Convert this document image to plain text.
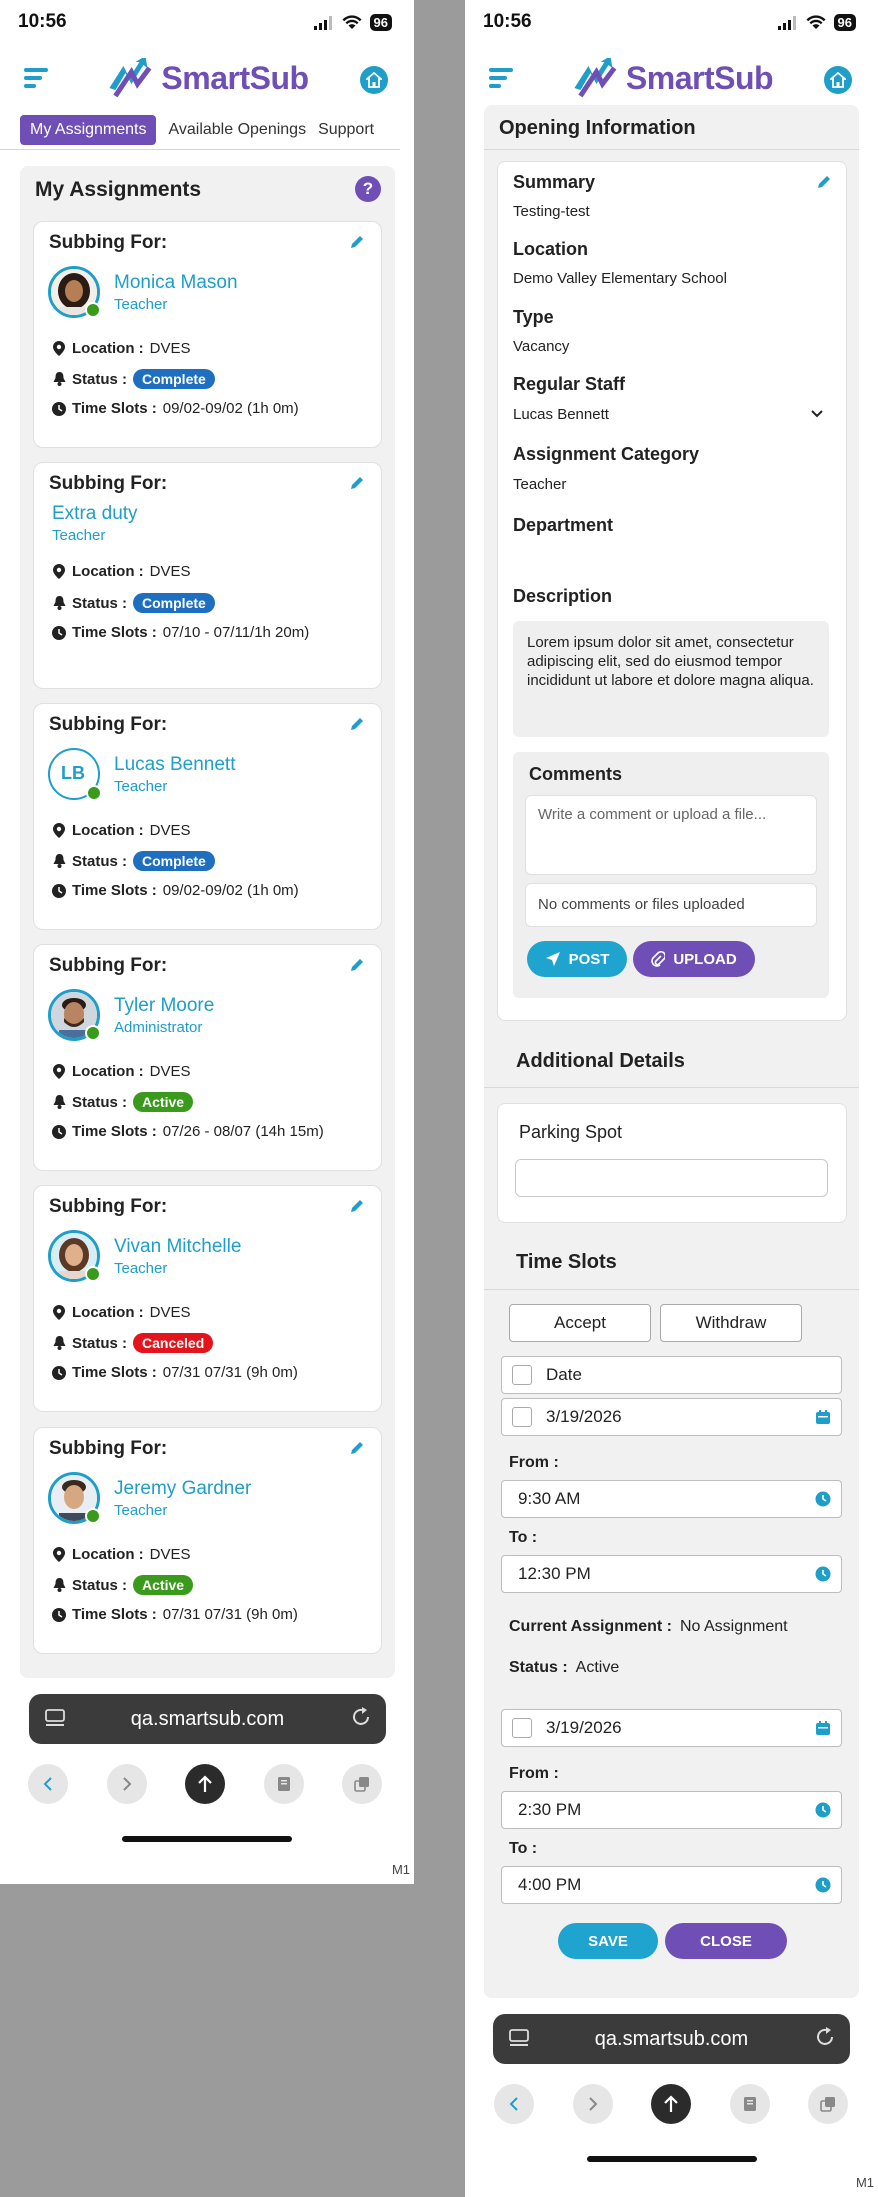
10:56	96
SmartSub
My Assignments	Available Openings Support
My Assignments	?
Subbing For:
Monica Mason
Teacher
Location : DVES
Status :	Complete
Time Slots : 09/02-09/02 (1h 0m)
Subbing For:
Extra duty
Teacher
Location : DVES
Status :	Complete
Time Slots : 07/10 - 07/11/1h 20m)
Subbing For:
LB	Lucas Bennett
Teacher
Location : DVES
Status :	Complete
Time Slots : 09/02-09/02 (1h 0m)
Subbing For:
Tyler Moore
Administrator
Location : DVES
Status :	Active
Time Slots : 07/26 - 08/07 (14h 15m)
Subbing For:
Vivan Mitchelle
Teacher
Location : DVES
Status :	Canceled
Time Slots : 07/31 07/31 (9h 0m)
Subbing For:
Jeremy Gardner
Teacher
Location : DVES
Status :	Active
Time Slots : 07/31 07/31 (9h 0m)
qa.smartsub.com
M1
10:56	96
SmartSub
Opening Information
Summary
Testing-test
Location
Demo Valley Elementary School
Type
Vacancy
Regular Staff
Lucas Bennett
Assignment Category
Teacher
Department
Description
Lorem ipsum dolor sit amet, consectetur adipiscing elit, sed do eiusmod tempor incididunt ut labore et dolore magna aliqua.
Comments
Write a comment or upload a file...
No comments or files uploaded
POST	UPLOAD
Additional Details
Parking Spot
Time Slots
Accept	Withdraw
Date
3/19/2026
From :
9:30 AM
To :
12:30 PM
Current Assignment : No Assignment
Status : Active
3/19/2026
From :
2:30 PM
To :
4:00 PM
SAVE	CLOSE
qa.smartsub.com
M1
